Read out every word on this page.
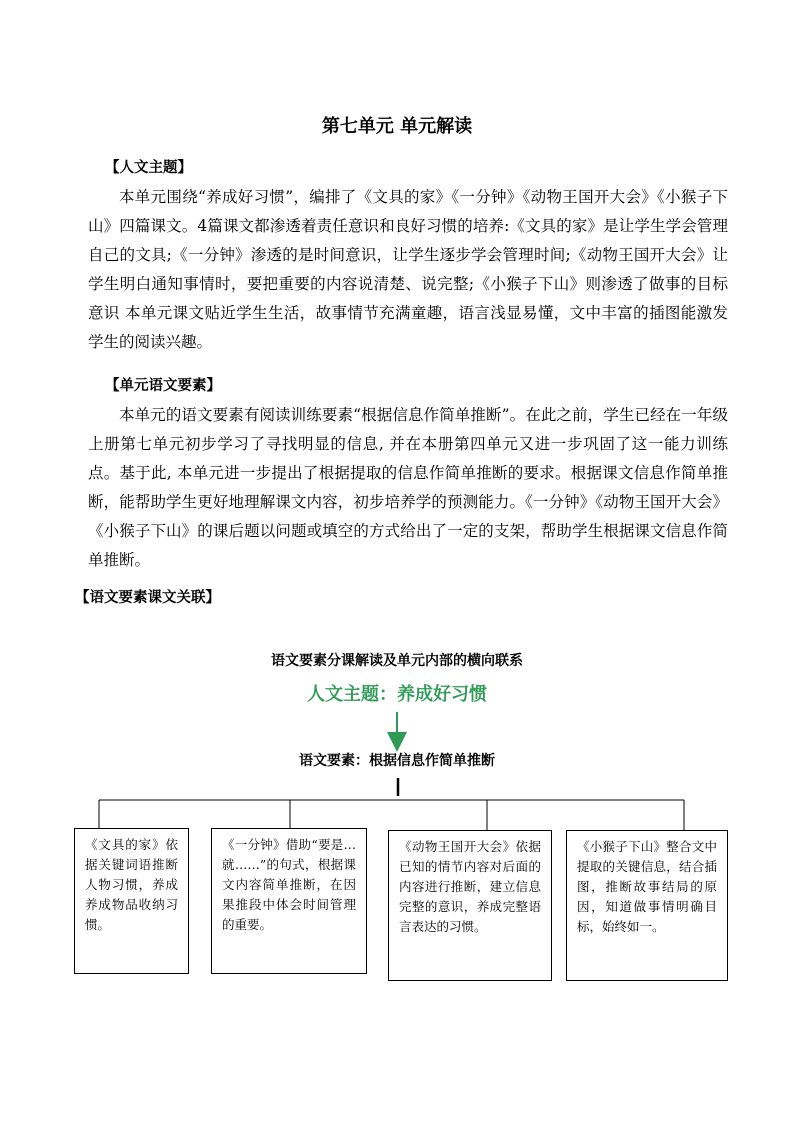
第七单元 单元解读
【人文主题】

本单元围绕“养成好习惯”，编排了《文具的家》《一分钟》《动物王国开大会》《小猴子下山》四篇课文。4篇课文都渗透着责任意识和良好习惯的培养:《文具的家》是让学生学会管理自己的文具;《一分钟》渗透的是时间意识，让学生逐步学会管理时间;《动物王国开大会》让学生明白通知事情时，要把重要的内容说清楚、说完整;《小猴子下山》则渗透了做事的目标意识 本单元课文贴近学生生活，故事情节充满童趣，语言浅显易懂，文中丰富的插图能激发学生的阅读兴趣。

【单元语文要素】

本单元的语文要素有阅读训练要素“根据信息作简单推断”。在此之前，学生已经在一年级上册第七单元初步学习了寻找明显的信息, 并在本册第四单元又进一步巩固了这一能力训练点。基于此, 本单元进一步提出了根据提取的信息作简单推断的要求。根据课文信息作简单推断，能帮助学生更好地理解课文内容，初步培养学的预测能力。《一分钟》《动物王国开大会》《小猴子下山》的课后题以问题或填空的方式给出了一定的支架，帮助学生根据课文信息作简单推断。

【语文要素课文关联】
语文要素分课解读及单元内部的横向联系
人文主题：养成好习惯
语文要素：根据信息作简单推断
《文具的家》依据关键词语推断人物习惯，养成养成物品收纳习惯。
《一分钟》借助“要是…就……”的句式，根据课文内容简单推断，在因果推段中体会时间管理的重要。
《动物王国开大会》依据已知的情节内容对后面的内容进行推断，建立信息完整的意识，养成完整语言表达的习惯。
《小猴子下山》整合文中提取的关键信息，结合插图，推断故事结局的原因，知道做事情明确目标，始终如一。
